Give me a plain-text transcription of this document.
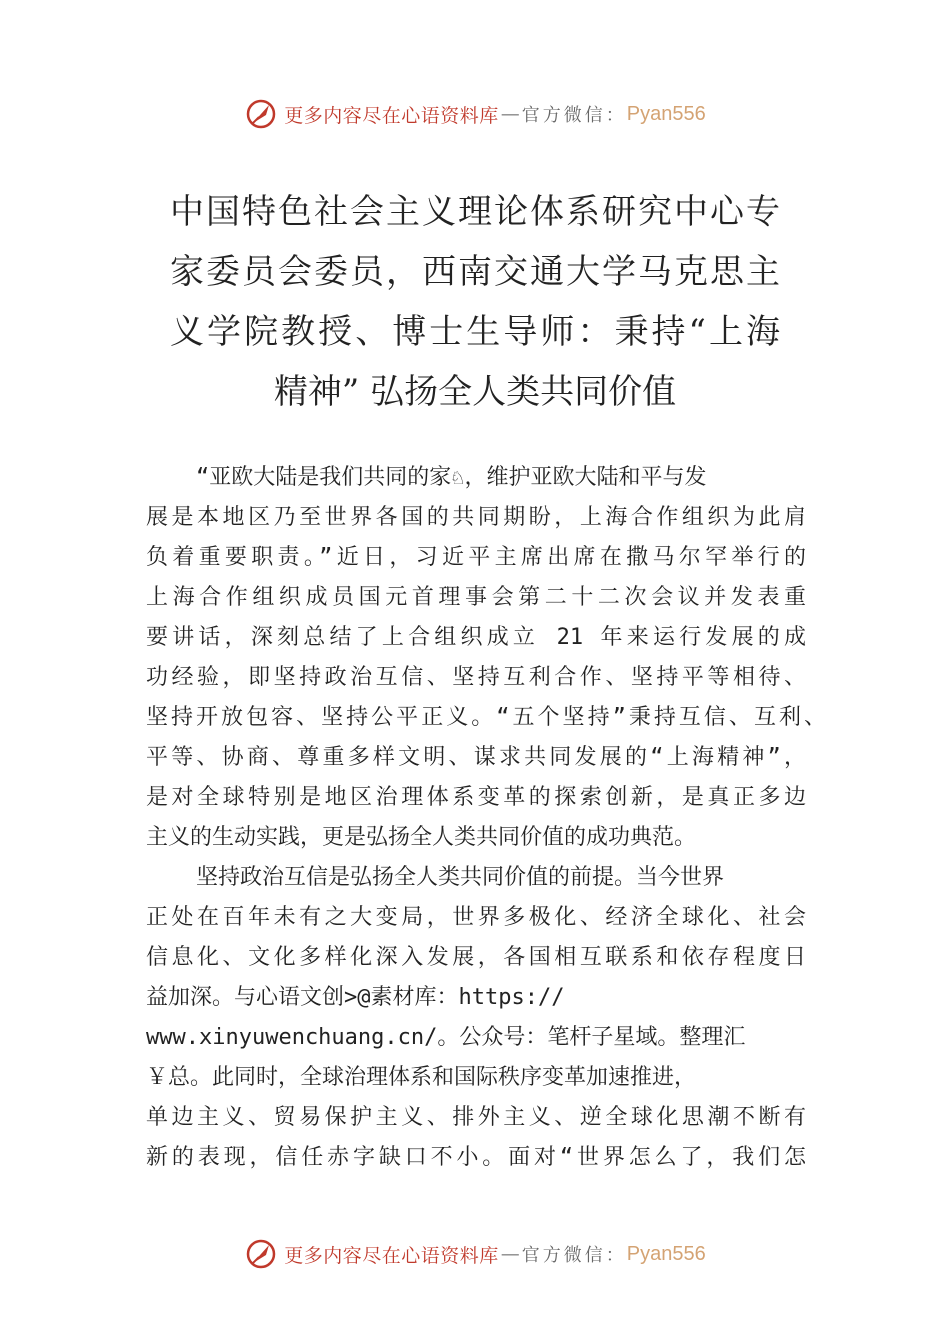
更多内容尽在心语资料库 — 官方微信： Pyan556
中国特色社会主义理论体系研究中心专
家委员会委员，西南交通大学马克思主
义学院教授、博士生导师：秉持“上海
精神” 弘扬全人类共同价值
“亚欧大陆是我们共同的家♘，维护亚欧大陆和平与发
展是本地区乃至世界各国的共同期盼，上海合作组织为此肩
负着重要职责。”近日，习近平主席出席在撒马尔罕举行的
上海合作组织成员国元首理事会第二十二次会议并发表重
要讲话，深刻总结了上合组织成立 21 年来运行发展的成
功经验，即坚持政治互信、坚持互利合作、坚持平等相待、
坚持开放包容、坚持公平正义。“五个坚持”秉持互信、互利、
平等、协商、尊重多样文明、谋求共同发展的“上海精神”，
是对全球特别是地区治理体系变革的探索创新，是真正多边
主义的生动实践，更是弘扬全人类共同价值的成功典范。
坚持政治互信是弘扬全人类共同价值的前提。当今世界
正处在百年未有之大变局，世界多极化、经济全球化、社会
信息化、文化多样化深入发展，各国相互联系和依存程度日
益加深。与心语文创>@素材库：https://
www.xinyuwenchuang.cn/。公众号：笔杆子星域。整理汇
￥总。此同时，全球治理体系和国际秩序变革加速推进，
单边主义、贸易保护主义、排外主义、逆全球化思潮不断有
新的表现，信任赤字缺口不小。面对“世界怎么了，我们怎
更多内容尽在心语资料库 — 官方微信： Pyan556
